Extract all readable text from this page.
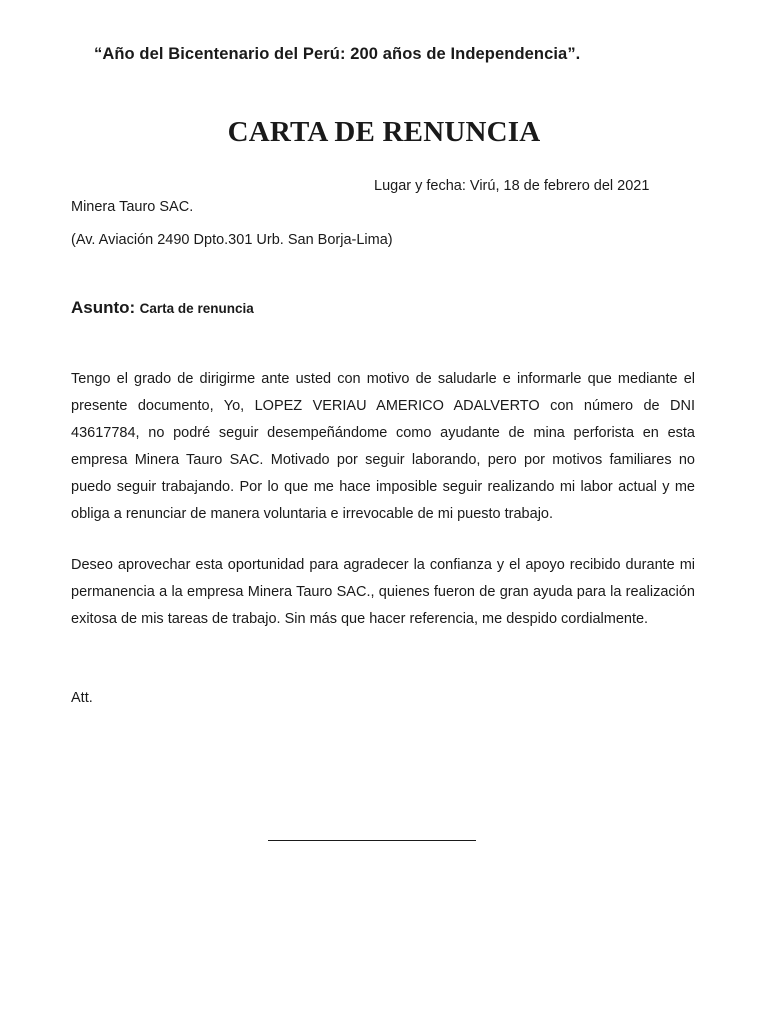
“Año del Bicentenario del Perú: 200 años de Independencia”.
CARTA DE RENUNCIA
Lugar y fecha: Virú, 18 de febrero del 2021
Minera Tauro SAC.
(Av. Aviación 2490 Dpto.301 Urb. San Borja-Lima)
Asunto: Carta de renuncia

Tengo el grado de dirigirme ante usted con motivo de saludarle e informarle que mediante el presente documento, Yo, LOPEZ VERIAU AMERICO ADALVERTO con número de DNI 43617784, no podré seguir desempeñándome como ayudante de mina perforista en esta empresa Minera Tauro SAC. Motivado por seguir laborando, pero por motivos familiares no puedo seguir trabajando. Por lo que me hace imposible seguir realizando mi labor actual y me obliga a renunciar de manera voluntaria e irrevocable de mi puesto trabajo.

Deseo aprovechar esta oportunidad para agradecer la confianza y el apoyo recibido durante mi permanencia a la empresa Minera Tauro SAC., quienes fueron de gran ayuda para la realización exitosa de mis tareas de trabajo. Sin más que hacer referencia, me despido cordialmente.

Att.
